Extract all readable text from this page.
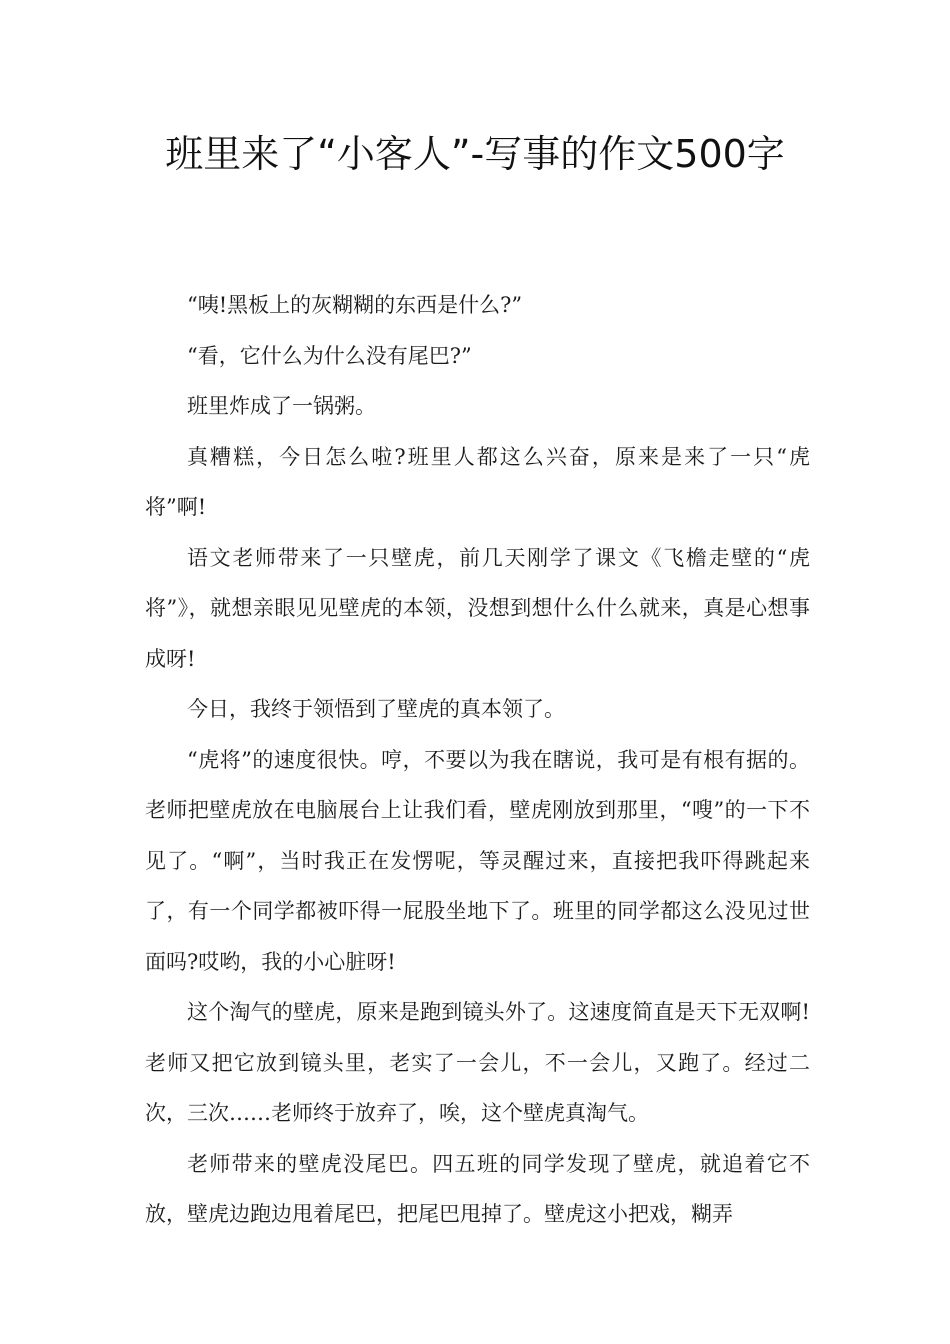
班里来了“小客人”-写事的作文500字

“咦!黑板上的灰糊糊的东西是什么?”

“看，它什么为什么没有尾巴?”

班里炸成了一锅粥。

真糟糕，今日怎么啦?班里人都这么兴奋，原来是来了一只“虎将”啊!

语文老师带来了一只壁虎，前几天刚学了课文《飞檐走壁的“虎将”》，就想亲眼见见壁虎的本领，没想到想什么什么就来，真是心想事成呀!

今日，我终于领悟到了壁虎的真本领了。

“虎将”的速度很快。哼，不要以为我在瞎说，我可是有根有据的。老师把壁虎放在电脑展台上让我们看，壁虎刚放到那里，“嗖”的一下不见了。“啊”，当时我正在发愣呢，等灵醒过来，直接把我吓得跳起来了，有一个同学都被吓得一屁股坐地下了。班里的同学都这么没见过世面吗?哎哟，我的小心脏呀!

这个淘气的壁虎，原来是跑到镜头外了。这速度简直是天下无双啊!老师又把它放到镜头里，老实了一会儿，不一会儿，又跑了。经过二次，三次……老师终于放弃了，唉，这个壁虎真淘气。

老师带来的壁虎没尾巴。四五班的同学发现了壁虎，就追着它不放，壁虎边跑边甩着尾巴，把尾巴甩掉了。壁虎这小把戏，糊弄
